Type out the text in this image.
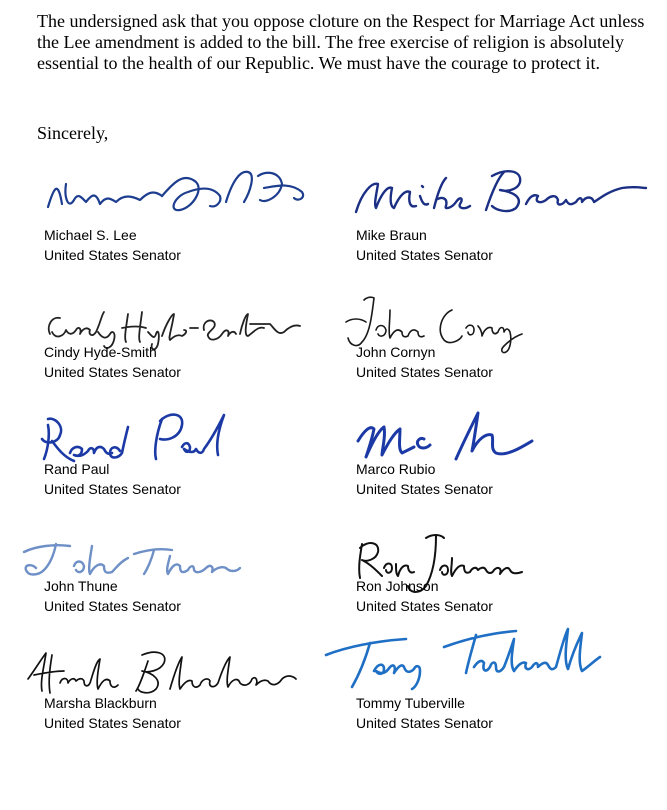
The undersigned ask that you oppose cloture on the Respect for Marriage Act unless the Lee amendment is added to the bill. The free exercise of religion is absolutely essential to the health of our Republic. We must have the courage to protect it.

Sincerely,

Michael S. Lee
United States Senator
Mike Braun
United States Senator
Cindy Hyde-Smith
United States Senator
John Cornyn
United States Senator
Rand Paul
United States Senator
Marco Rubio
United States Senator
John Thune
United States Senator
Ron Johnson
United States Senator
Marsha Blackburn
United States Senator
Tommy Tuberville
United States Senator
